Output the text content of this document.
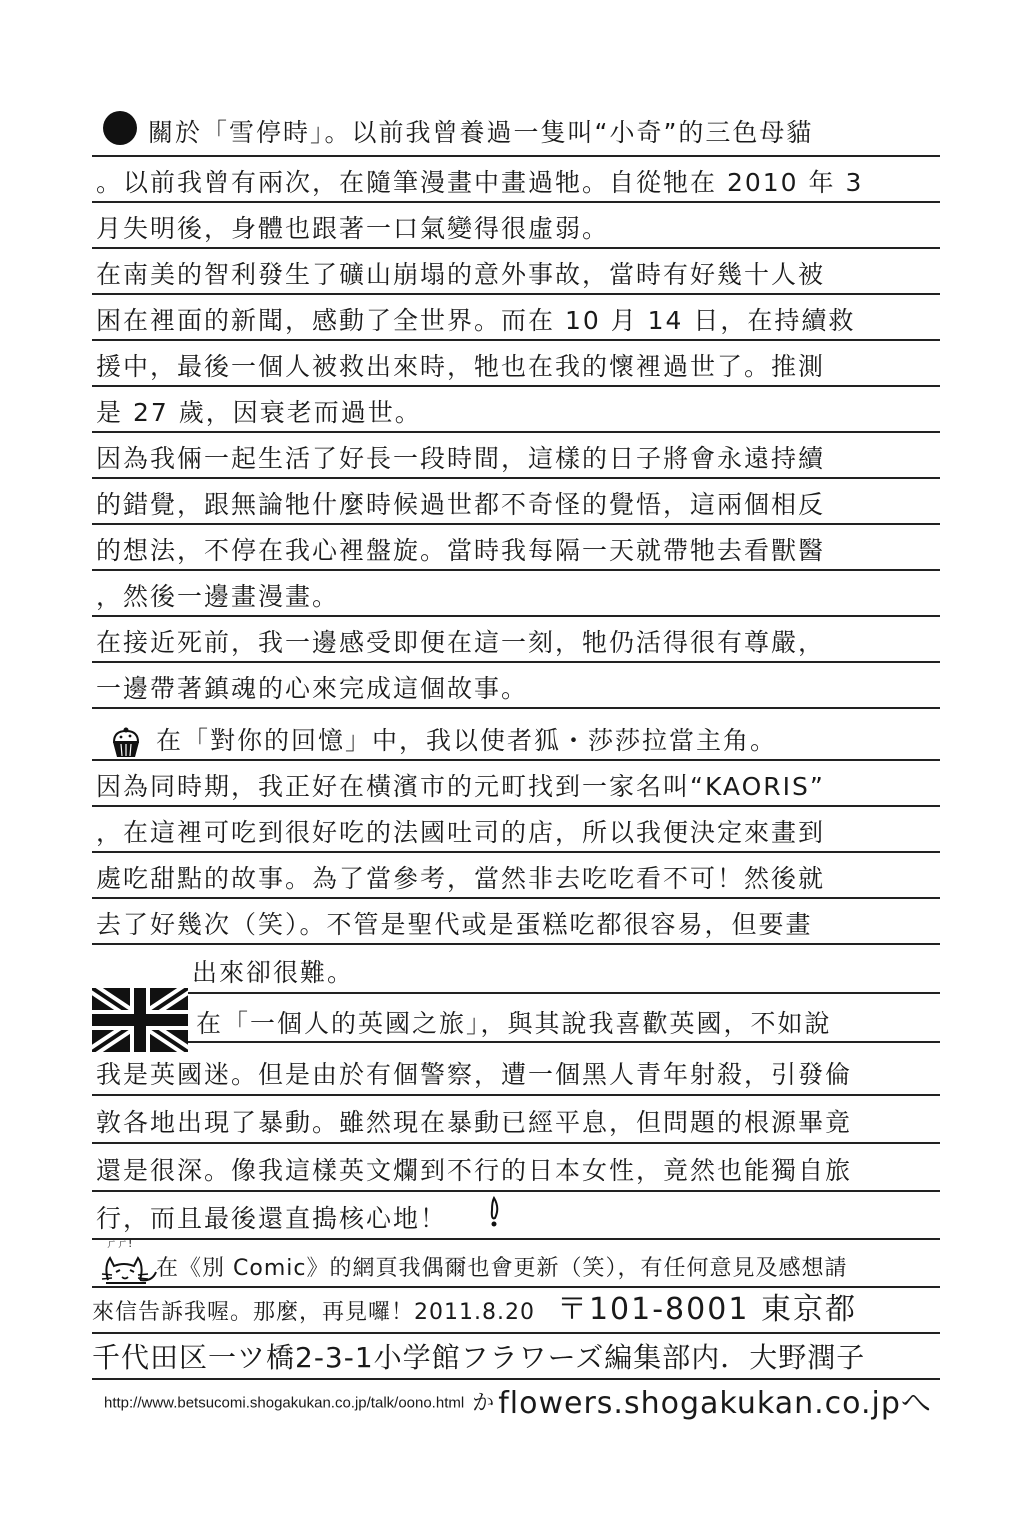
ㄏㄏ!
關於「雪停時」。以前我曾養過一隻叫“小奇”的三色母貓
。以前我曾有兩次，在隨筆漫畫中畫過牠。自從牠在 2010 年 3
月失明後，身體也跟著一口氣變得很虛弱。
在南美的智利發生了礦山崩塌的意外事故，當時有好幾十人被
困在裡面的新聞，感動了全世界。而在 10 月 14 日，在持續救
援中，最後一個人被救出來時，牠也在我的懷裡過世了。推測
是 27 歲，因衰老而過世。
因為我倆一起生活了好長一段時間，這樣的日子將會永遠持續
的錯覺，跟無論牠什麼時候過世都不奇怪的覺悟，這兩個相反
的想法，不停在我心裡盤旋。當時我每隔一天就帶牠去看獸醫
，然後一邊畫漫畫。
在接近死前，我一邊感受即便在這一刻，牠仍活得很有尊嚴，
一邊帶著鎮魂的心來完成這個故事。
在「對你的回憶」中，我以使者狐・莎莎拉當主角。
因為同時期，我正好在橫濱市的元町找到一家名叫“KAORIS”
，在這裡可吃到很好吃的法國吐司的店，所以我便決定來畫到
處吃甜點的故事。為了當參考，當然非去吃吃看不可！然後就
去了好幾次（笑）。不管是聖代或是蛋糕吃都很容易，但要畫
出來卻很難。
在「一個人的英國之旅」，與其說我喜歡英國，不如說
我是英國迷。但是由於有個警察，遭一個黑人青年射殺，引發倫
敦各地出現了暴動。雖然現在暴動已經平息，但問題的根源畢竟
還是很深。像我這樣英文爛到不行的日本女性，竟然也能獨自旅
行，而且最後還直搗核心地！
在《別 Comic》的網頁我偶爾也會更新（笑），有任何意見及感想請
來信告訴我喔。那麼，再見囉！2011.8.20 〒101-8001 東京都
千代田区一ツ橋2-3-1小学館フラワーズ編集部内．大野潤子
http://www.betsucomi.shogakukan.co.jp/talk/oono.html か flowers.shogakukan.co.jpへ
